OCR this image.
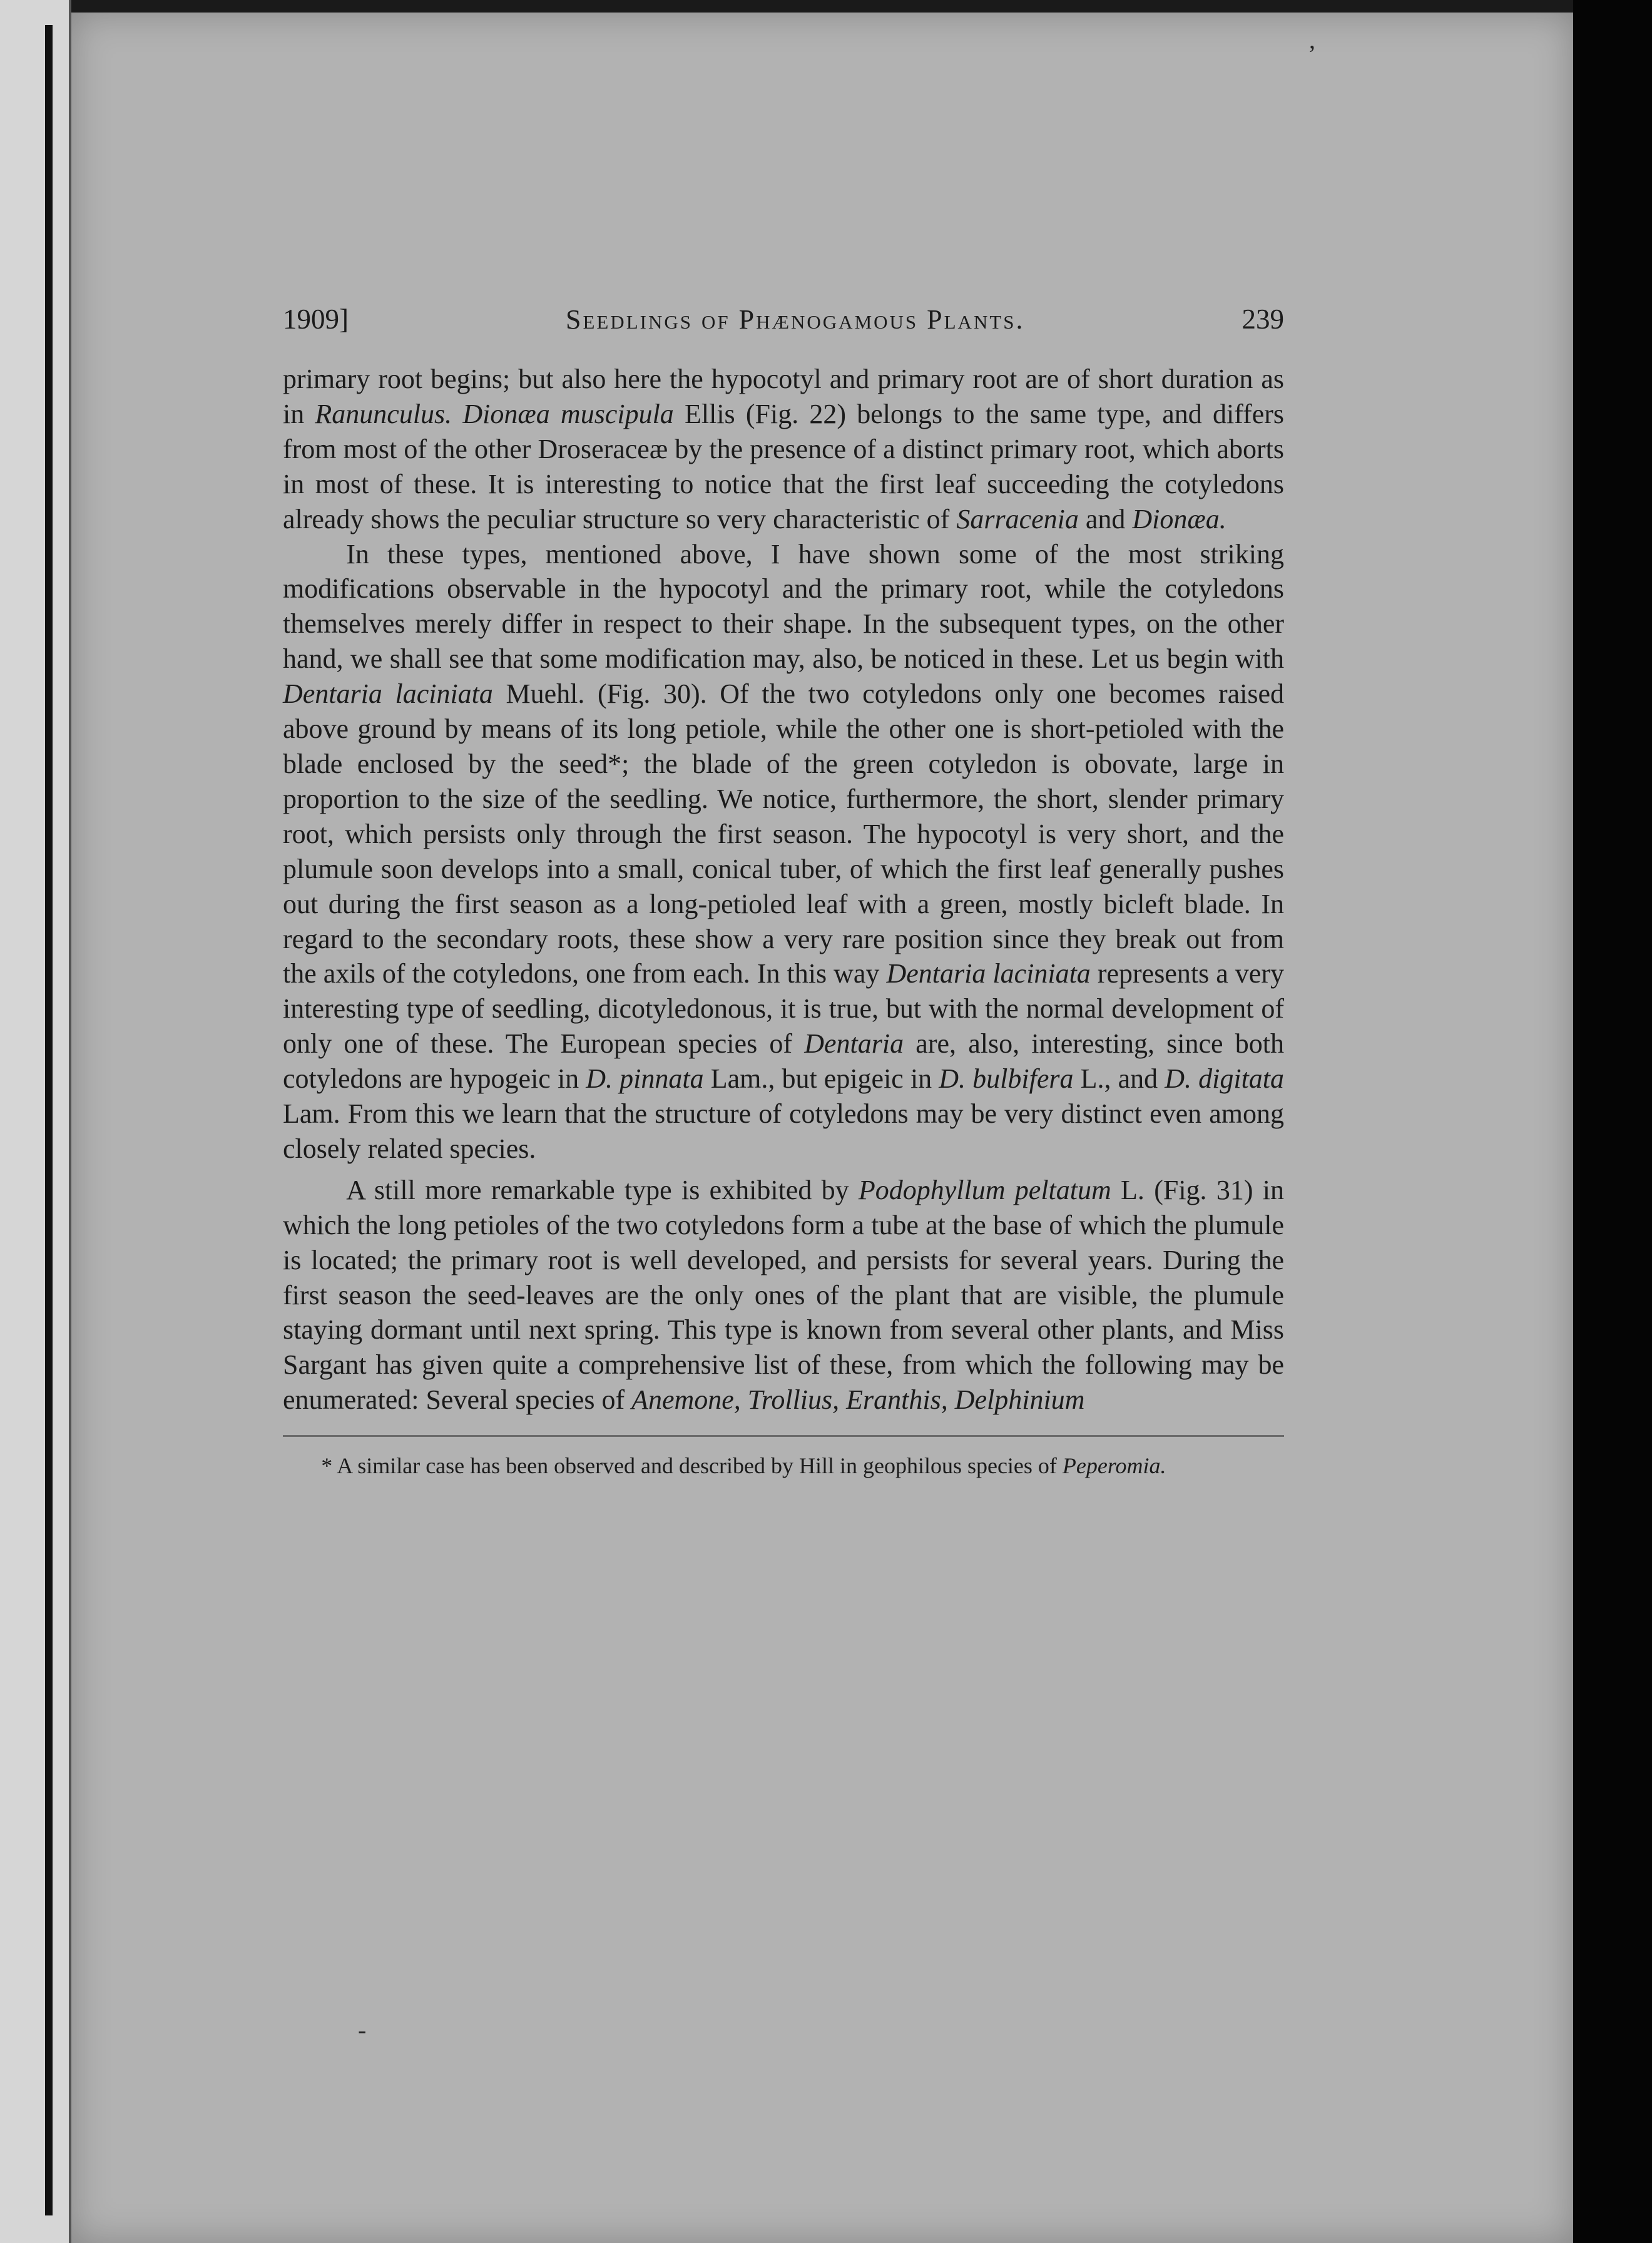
‚
-
1909]	Seedlings of Phænogamous Plants.	239

primary root begins; but also here the hypocotyl and primary root are of short duration as in Ranunculus. Dionæa muscipula Ellis (Fig. 22) belongs to the same type, and differs from most of the other Droseraceæ by the presence of a distinct primary root, which aborts in most of these. It is interesting to notice that the first leaf succeeding the cotyledons already shows the peculiar structure so very characteristic of Sarracenia and Dionæa.

In these types, mentioned above, I have shown some of the most striking modifications observable in the hypocotyl and the primary root, while the cotyledons themselves merely differ in respect to their shape. In the subsequent types, on the other hand, we shall see that some modification may, also, be noticed in these. Let us begin with Dentaria laciniata Muehl. (Fig. 30). Of the two cotyledons only one becomes raised above ground by means of its long petiole, while the other one is short-petioled with the blade enclosed by the seed*; the blade of the green cotyledon is obovate, large in proportion to the size of the seedling. We notice, furthermore, the short, slender primary root, which persists only through the first season. The hypocotyl is very short, and the plumule soon develops into a small, conical tuber, of which the first leaf generally pushes out during the first season as a long-petioled leaf with a green, mostly bicleft blade. In regard to the secondary roots, these show a very rare position since they break out from the axils of the cotyledons, one from each. In this way Dentaria laciniata represents a very interesting type of seedling, dicotyledonous, it is true, but with the normal development of only one of these. The European species of Dentaria are, also, interesting, since both cotyledons are hypogeic in D. pinnata Lam., but epigeic in D. bulbifera L., and D. digitata Lam. From this we learn that the structure of cotyledons may be very distinct even among closely related species.

A still more remarkable type is exhibited by Podophyllum peltatum L. (Fig. 31) in which the long petioles of the two cotyledons form a tube at the base of which the plumule is located; the primary root is well developed, and persists for several years. During the first season the seed-leaves are the only ones of the plant that are visible, the plumule staying dormant until next spring. This type is known from several other plants, and Miss Sargant has given quite a comprehensive list of these, from which the following may be enumerated: Several species of Anemone, Trollius, Eranthis, Delphinium

* A similar case has been observed and described by Hill in geophilous species of Peperomia.
